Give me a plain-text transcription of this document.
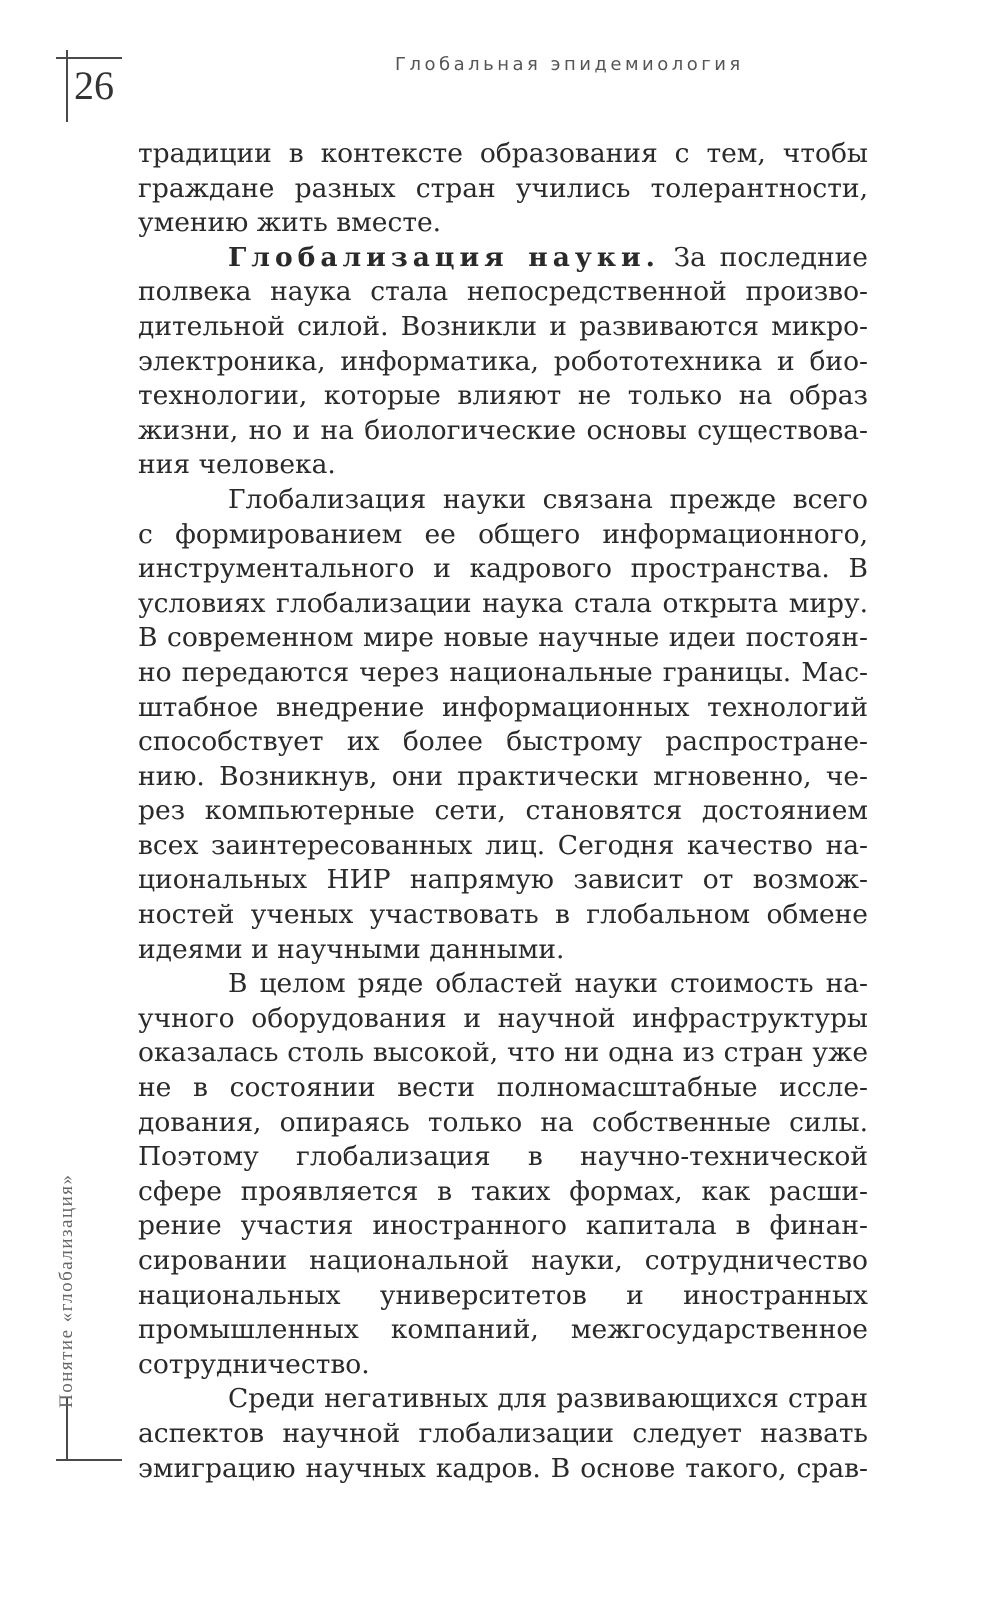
26	Глобальная эпидемиология
Понятие «глобализация»
традиции в контексте образования с тем, чтобы
граждане разных стран учились толерантности,
умению жить вместе.
Глобализация науки. За последние
полвека наука стала непосредственной произво-
дительной силой. Возникли и развиваются микро-
электроника, информатика, робототехника и био-
технологии, которые влияют не только на образ
жизни, но и на биологические основы существова-
ния человека.
Глобализация науки связана прежде всего
с формированием ее общего информационного,
инструментального и кадрового пространства. В
условиях глобализации наука стала открыта миру.
В современном мире новые научные идеи постоян-
но передаются через национальные границы. Мас-
штабное внедрение информационных технологий
способствует их более быстрому распростране-
нию. Возникнув, они практически мгновенно, че-
рез компьютерные сети, становятся достоянием
всех заинтересованных лиц. Сегодня качество на-
циональных НИР напрямую зависит от возмож-
ностей ученых участвовать в глобальном обмене
идеями и научными данными.
В целом ряде областей науки стоимость на-
учного оборудования и научной инфраструктуры
оказалась столь высокой, что ни одна из стран уже
не в состоянии вести полномасштабные иссле-
дования, опираясь только на собственные силы.
Поэтому глобализация в научно-технической
сфере проявляется в таких формах, как расши-
рение участия иностранного капитала в финан-
сировании национальной науки, сотрудничество
национальных университетов и иностранных
промышленных компаний, межгосударственное
сотрудничество.
Среди негативных для развивающихся стран
аспектов научной глобализации следует назвать
эмиграцию научных кадров. В основе такого, срав-
